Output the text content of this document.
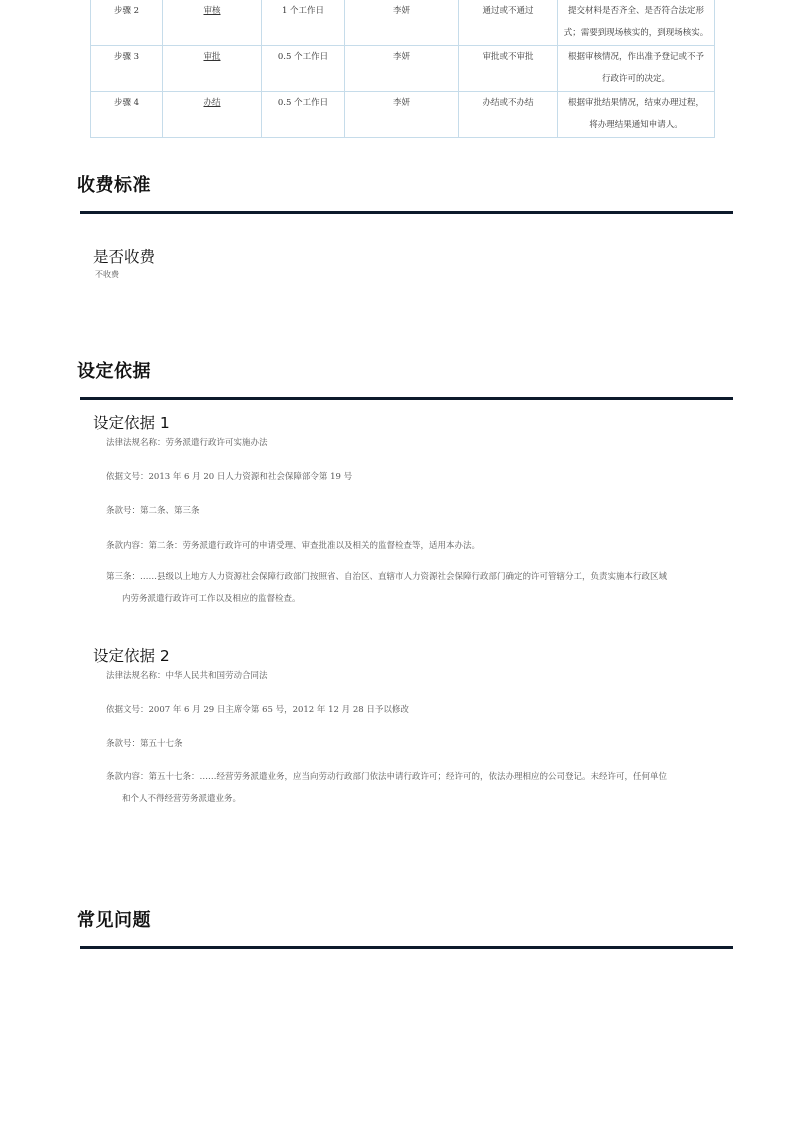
步骤 2	审核	1 个工作日	李妍	通过或不通过	提交材料是否齐全、是否符合法定形
式；需要到现场核实的，到现场核实。
步骤 3	审批	0.5 个工作日	李妍	审批或不审批	根据审核情况，作出准予登记或不予
行政许可的决定。
步骤 4	办结	0.5 个工作日	李妍	办结或不办结	根据审批结果情况，结束办理过程，
将办理结果通知申请人。
收费标准
是否收费
不收费
设定依据
设定依据 1
法律法规名称：劳务派遣行政许可实施办法
依据文号：2013 年 6 月 20 日人力资源和社会保障部令第 19 号
条款号：第二条、第三条
条款内容：第二条：劳务派遣行政许可的申请受理、审查批准以及相关的监督检查等，适用本办法。
第三条：……县级以上地方人力资源社会保障行政部门按照省、自治区、直辖市人力资源社会保障行政部门确定的许可管辖分工，负责实施本行政区域
内劳务派遣行政许可工作以及相应的监督检查。
设定依据 2
法律法规名称：中华人民共和国劳动合同法
依据文号：2007 年 6 月 29 日主席令第 65 号，2012 年 12 月 28 日予以修改
条款号：第五十七条
条款内容：第五十七条：……经营劳务派遣业务，应当向劳动行政部门依法申请行政许可；经许可的，依法办理相应的公司登记。未经许可，任何单位
和个人不得经营劳务派遣业务。
常见问题
